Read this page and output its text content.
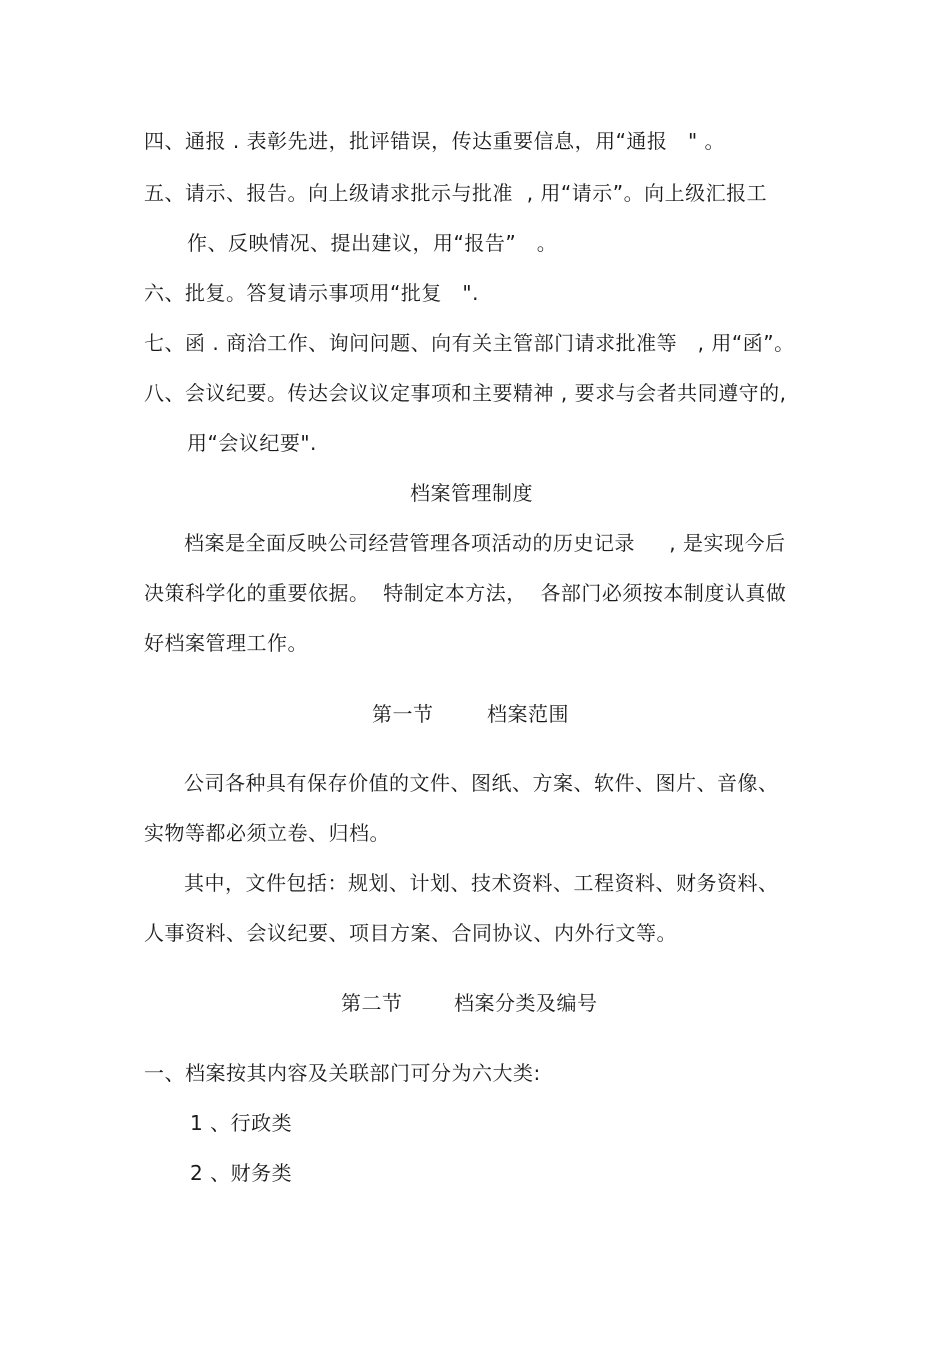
四、通报 . 表彰先进，批评错误，传达重要信息，用“通报   " 。
五、请示、报告。向上级请求批示与批准  , 用“请示”。向上级汇报工
作、反映情况、提出建议，用“报告”   。
六、批复。答复请示事项用“批复   ".
七、函 . 商洽工作、询问问题、向有关主管部门请求批准等   , 用“函”。
八、会议纪要。传达会议议定事项和主要精神 , 要求与会者共同遵守的,
用“会议纪要".
档案管理制度
档案是全面反映公司经营管理各项活动的历史记录     , 是实现今后
决策科学化的重要依据。  特制定本方法，  各部门必须按本制度认真做
好档案管理工作。
第一节	档案范围
公司各种具有保存价值的文件、图纸、方案、软件、图片、音像、
实物等都必须立卷、归档。
其中，文件包括：规划、计划、技术资料、工程资料、财务资料、
人事资料、会议纪要、项目方案、合同协议、内外行文等。
第二节	档案分类及编号
一、档案按其内容及关联部门可分为六大类:
1 、行政类
2 、财务类
